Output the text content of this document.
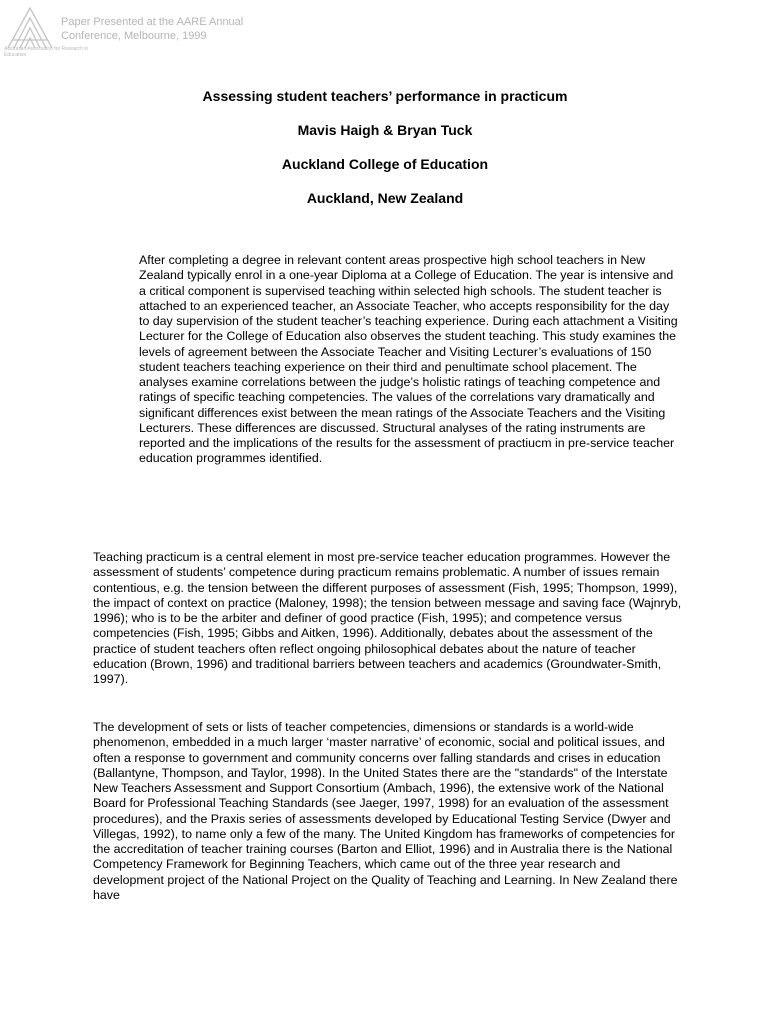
Australian Association for Research in Education
Paper Presented at the AARE Annual Conference, Melbourne, 1999
Assessing student teachers’ performance in practicum
Mavis Haigh & Bryan Tuck
Auckland College of Education
Auckland, New Zealand

After completing a degree in relevant content areas prospective high school teachers in New Zealand typically enrol in a one-year Diploma at a College of Education. The year is intensive and a critical component is supervised teaching within selected high schools. The student teacher is attached to an experienced teacher, an Associate Teacher, who accepts responsibility for the day to day supervision of the student teacher’s teaching experience. During each attachment a Visiting Lecturer for the College of Education also observes the student teaching. This study examines the levels of agreement between the Associate Teacher and Visiting Lecturer’s evaluations of 150 student teachers teaching experience on their third and penultimate school placement. The analyses examine correlations between the judge’s holistic ratings of teaching competence and ratings of specific teaching competencies. The values of the correlations vary dramatically and significant differences exist between the mean ratings of the Associate Teachers and the Visiting Lecturers. These differences are discussed. Structural analyses of the rating instruments are reported and the implications of the results for the assessment of practiucm in pre-service teacher education programmes identified.

Teaching practicum is a central element in most pre-service teacher education programmes. However the assessment of students’ competence during practicum remains problematic. A number of issues remain contentious, e.g. the tension between the different purposes of assessment (Fish, 1995; Thompson, 1999), the impact of context on practice (Maloney, 1998); the tension between message and saving face (Wajnryb, 1996); who is to be the arbiter and definer of good practice (Fish, 1995); and competence versus competencies (Fish, 1995; Gibbs and Aitken, 1996). Additionally, debates about the assessment of the practice of student teachers often reflect ongoing philosophical debates about the nature of teacher education (Brown, 1996) and traditional barriers between teachers and academics (Groundwater-Smith, 1997).

The development of sets or lists of teacher competencies, dimensions or standards is a world-wide phenomenon, embedded in a much larger ‘master narrative’ of economic, social and political issues, and often a response to government and community concerns over falling standards and crises in education (Ballantyne, Thompson, and Taylor, 1998). In the United States there are the "standards" of the Interstate New Teachers Assessment and Support Consortium (Ambach, 1996), the extensive work of the National Board for Professional Teaching Standards (see Jaeger, 1997, 1998) for an evaluation of the assessment procedures), and the Praxis series of assessments developed by Educational Testing Service (Dwyer and Villegas, 1992), to name only a few of the many. The United Kingdom has frameworks of competencies for the accreditation of teacher training courses (Barton and Elliot, 1996) and in Australia there is the National Competency Framework for Beginning Teachers, which came out of the three year research and development project of the National Project on the Quality of Teaching and Learning. In New Zealand there have
